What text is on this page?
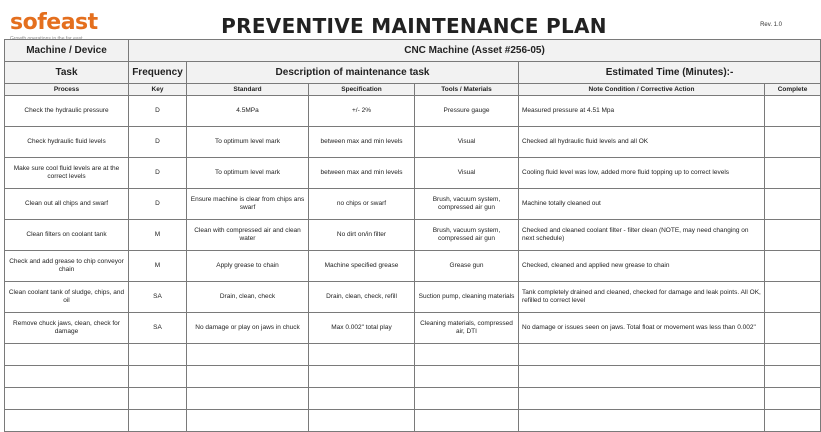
sofeast	PREVENTIVE MAINTENANCE PLAN	Rev. 1.0
Machine / Device	CNC Machine (Asset #256-05)					
Task	Frequency	Description of maintenance task			Estimated Time (Minutes):-	
Process	Key	Standard	Specification	Tools / Materials	Note Condition / Corrective Action	Complete
Check the hydraulic pressure	D	4.5MPa	+/- 2%	Pressure gauge	Measured pressure at 4.51 Mpa	
Check hydraulic fluid levels	D	To optimum level mark	between max and min levels	Visual	Checked all hydraulic fluid levels and all OK	
Make sure cool fluid levels are at the correct levels	D	To optimum level mark	between max and min levels	Visual	Cooling fluid level was low, added more fluid topping up to correct levels	
Clean out all chips and swarf	D	Ensure machine is clear from chips ans swarf	no chips or swarf	Brush, vacuum system, compressed air gun	Machine totally cleaned out	
Clean filters on coolant tank	M	Clean with compressed air and clean water	No dirt on/in filter	Brush, vacuum system, compressed air gun	Checked and cleaned coolant filter - filter clean (NOTE, may need changing on next schedule)	
Check and add grease to chip conveyor chain	M	Apply grease to chain	Machine specified grease	Grease gun	Checked, cleaned and applied new grease to chain	
Clean coolant tank of sludge, chips, and oil	SA	Drain, clean, check	Drain, clean, check, refill	Suction pump, cleaning materials	Tank completely drained and cleaned, checked for damage and leak points. All OK, refilled to correct level	
Remove chuck jaws, clean, check for damage	SA	No damage or play on jaws in chuck	Max 0.002" total play	Cleaning materials, compressed air, DTI	No damage or issues seen on jaws. Total float or movement was less than 0.002"	
